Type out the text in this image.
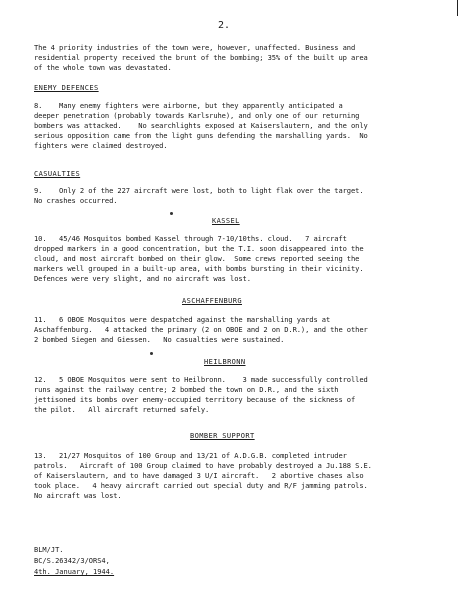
2.

The 4 priority industries of the town were, however, unaffected. Business and
residential property received the brunt of the bombing; 35% of the built up area
of the whole town was devastated.

ENEMY DEFENCES

8.    Many enemy fighters were airborne, but they apparently anticipated a
deeper penetration (probably towards Karlsruhe), and only one of our returning
bombers was attacked.    No searchlights exposed at Kaiserslautern, and the only
serious opposition came from the light guns defending the marshalling yards.  No
fighters were claimed destroyed.

CASUALTIES

9.    Only 2 of the 227 aircraft were lost, both to light flak over the target.
No crashes occurred.

KASSEL

10.   45/46 Mosquitos bombed Kassel through 7-10/10ths. cloud.   7 aircraft
dropped markers in a good concentration, but the T.I. soon disappeared into the
cloud, and most aircraft bombed on their glow.  Some crews reported seeing the
markers well grouped in a built-up area, with bombs bursting in their vicinity.
Defences were very slight, and no aircraft was lost.

ASCHAFFENBURG

11.   6 OBOE Mosquitos were despatched against the marshalling yards at
Aschaffenburg.   4 attacked the primary (2 on OBOE and 2 on D.R.), and the other
2 bombed Siegen and Giessen.   No casualties were sustained.

HEILBRONN

12.   5 OBOE Mosquitos were sent to Heilbronn.    3 made successfully controlled
runs against the railway centre; 2 bombed the town on D.R., and the sixth
jettisoned its bombs over enemy-occupied territory because of the sickness of
the pilot.   All aircraft returned safely.

BOMBER SUPPORT

13.   21/27 Mosquitos of 100 Group and 13/21 of A.D.G.B. completed intruder
patrols.   Aircraft of 100 Group claimed to have probably destroyed a Ju.188 S.E.
of Kaiserslautern, and to have damaged 3 U/I aircraft.   2 abortive chases also
took place.   4 heavy aircraft carried out special duty and R/F jamming patrols.
No aircraft was lost.

BLM/JT.
BC/S.26342/3/ORS4,
4th. January, 1944.
